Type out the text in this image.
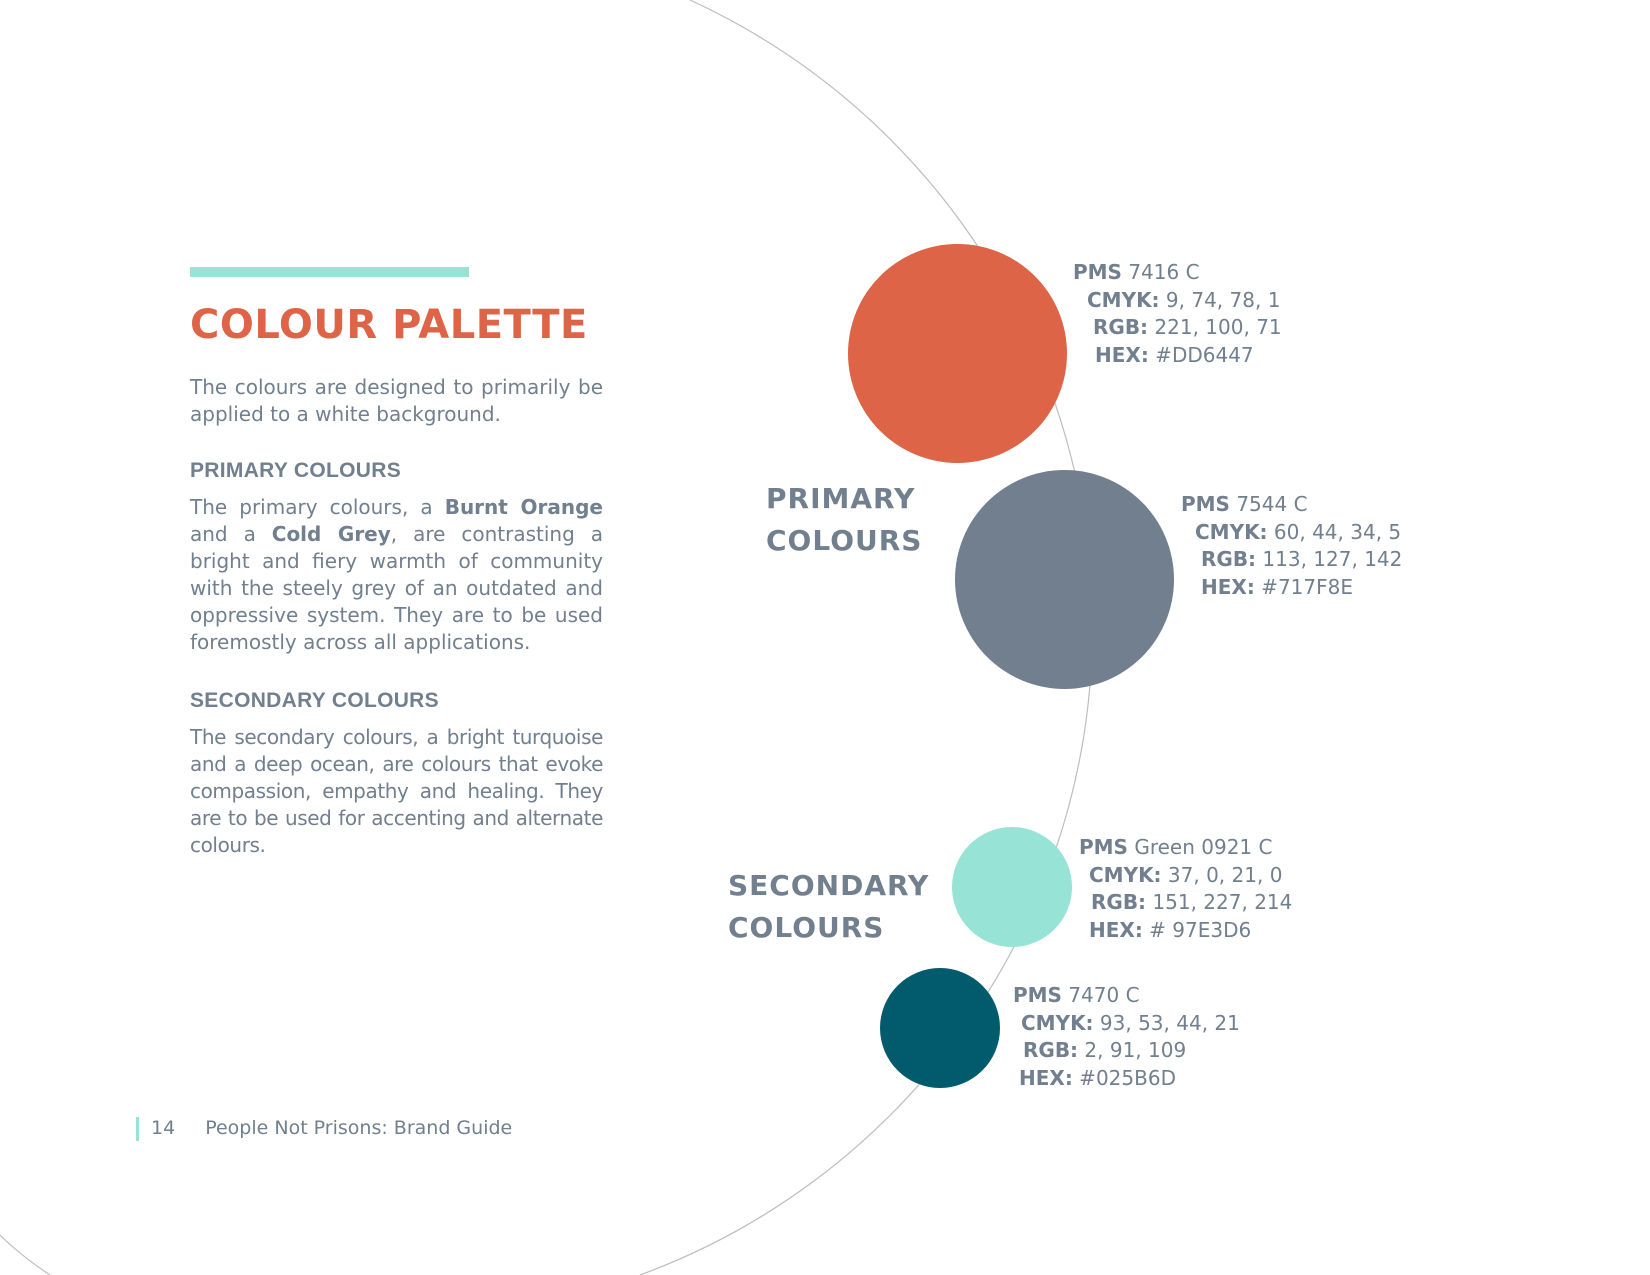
COLOUR PALETTE

The colours are designed to primarily be applied to a white background.

PRIMARY COLOURS

The primary colours, a Burnt Orange and a Cold Grey, are contrasting a bright and fiery warmth of community with the steely grey of an outdated and oppressive system. They are to be used foremostly across all applications.

SECONDARY COLOURS

The secondary colours, a bright turquoise and a deep ocean, are colours that evoke compassion, empathy and healing. They are to be used for accenting and alternate colours.

PRIMARY
COLOURS
SECONDARY
COLOURS
PMS 7416 C
CMYK: 9, 74, 78, 1
RGB: 221, 100, 71
HEX: #DD6447
PMS 7544 C
CMYK: 60, 44, 34, 5
RGB: 113, 127, 142
HEX: #717F8E
PMS Green 0921 C
CMYK: 37, 0, 21, 0
RGB: 151, 227, 214
HEX: # 97E3D6
PMS 7470 C
CMYK: 93, 53, 44, 21
RGB: 2, 91, 109
HEX: #025B6D
14 People Not Prisons: Brand Guide
